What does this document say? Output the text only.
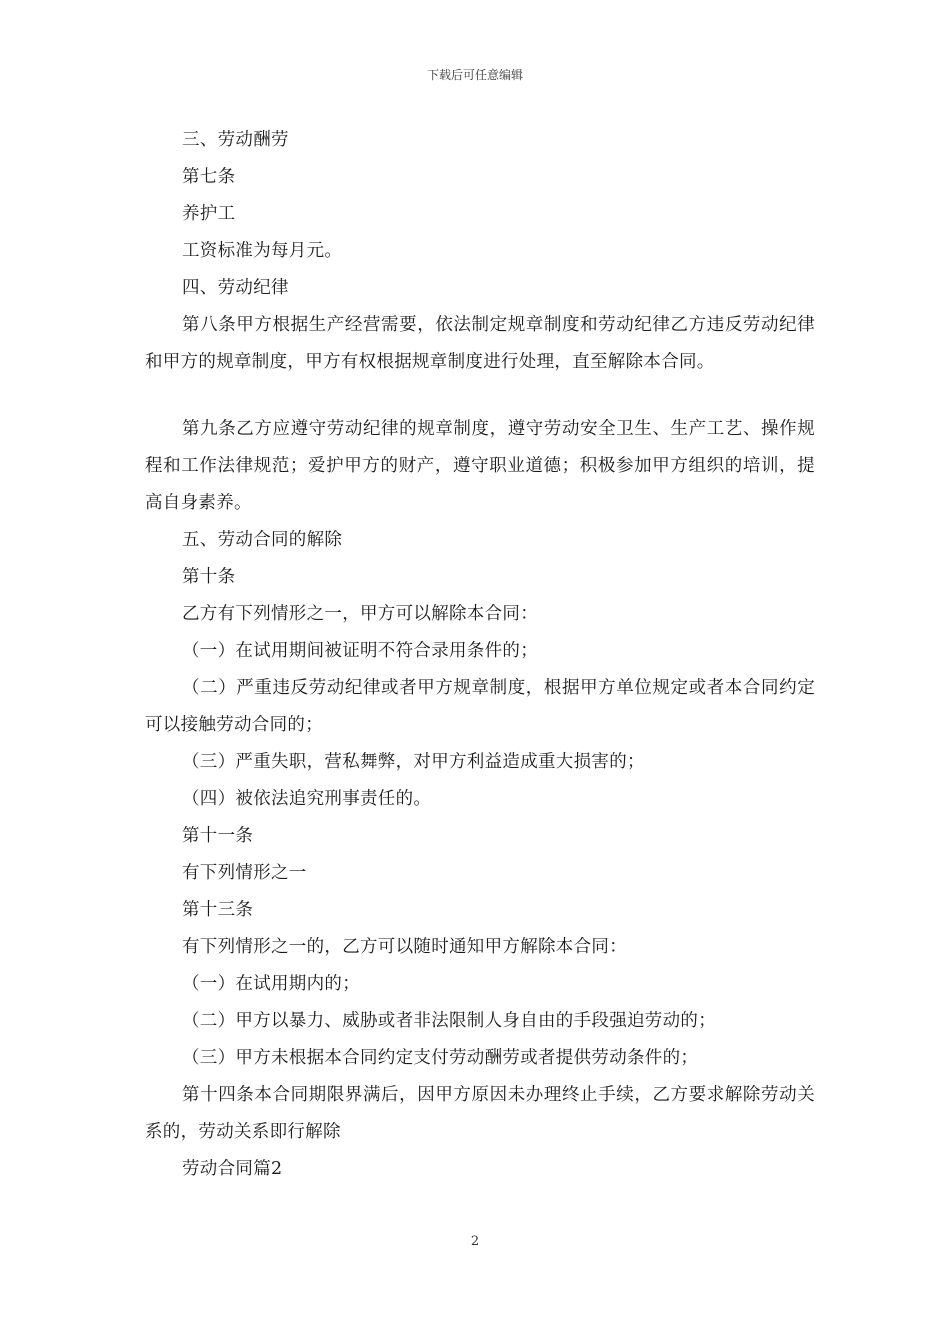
下载后可任意编辑

三、劳动酬劳

第七条

养护工

工资标准为每月元。

四、劳动纪律

第八条甲方根据生产经营需要，依法制定规章制度和劳动纪律乙方违反劳动纪律和甲方的规章制度，甲方有权根据规章制度进行处理，直至解除本合同。

第九条乙方应遵守劳动纪律的规章制度，遵守劳动安全卫生、生产工艺、操作规程和工作法律规范；爱护甲方的财产，遵守职业道德；积极参加甲方组织的培训，提高自身素养。

五、劳动合同的解除

第十条

乙方有下列情形之一，甲方可以解除本合同：

（一）在试用期间被证明不符合录用条件的；

（二）严重违反劳动纪律或者甲方规章制度，根据甲方单位规定或者本合同约定可以接触劳动合同的；

（三）严重失职，营私舞弊，对甲方利益造成重大损害的；

（四）被依法追究刑事责任的。

第十一条

有下列情形之一

第十三条

有下列情形之一的，乙方可以随时通知甲方解除本合同：

（一）在试用期内的；

（二）甲方以暴力、威胁或者非法限制人身自由的手段强迫劳动的；

（三）甲方未根据本合同约定支付劳动酬劳或者提供劳动条件的；

第十四条本合同期限界满后，因甲方原因未办理终止手续，乙方要求解除劳动关系的，劳动关系即行解除

劳动合同篇2

2
